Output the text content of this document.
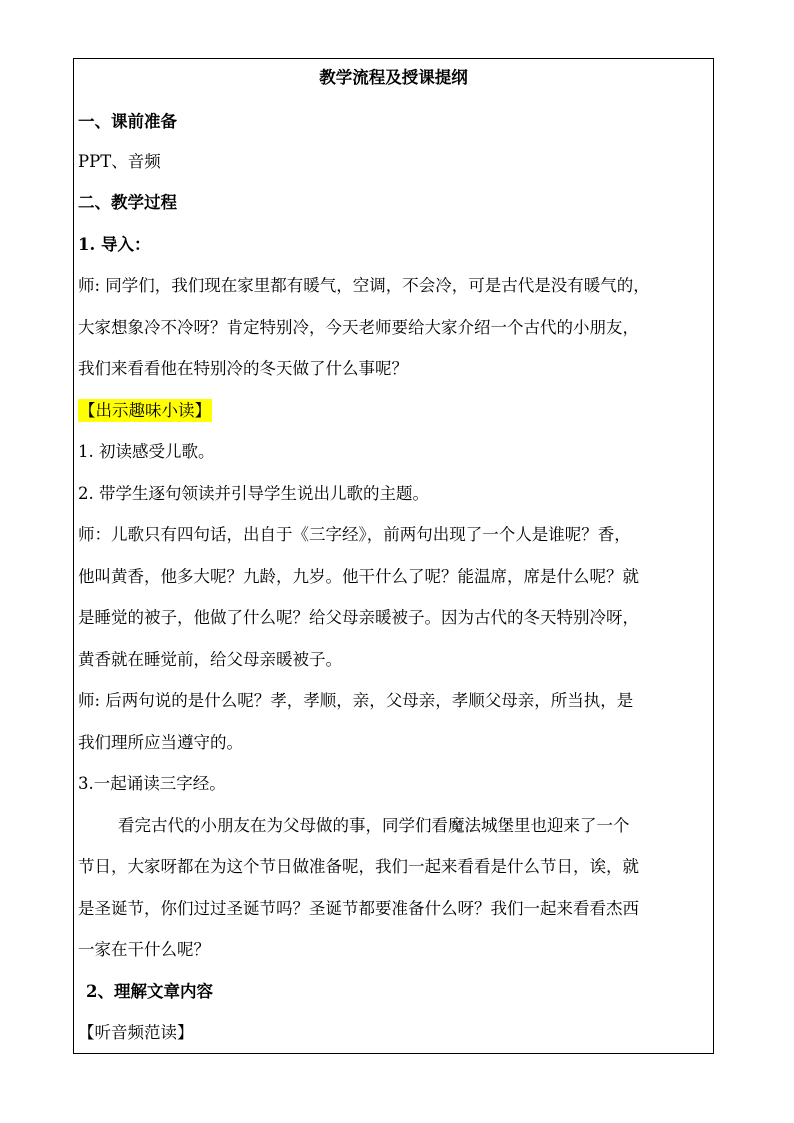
教学流程及授课提纲
一、课前准备
PPT、音频
二、教学过程
1. 导入：
师: 同学们，我们现在家里都有暖气，空调，不会冷，可是古代是没有暖气的，
大家想象冷不冷呀？肯定特别冷，今天老师要给大家介绍一个古代的小朋友，
我们来看看他在特别冷的冬天做了什么事呢？
【出示趣味小读】
1. 初读感受儿歌。
2. 带学生逐句领读并引导学生说出儿歌的主题。
师：儿歌只有四句话，出自于《三字经》，前两句出现了一个人是谁呢？香，
他叫黄香，他多大呢？九龄，九岁。他干什么了呢？能温席，席是什么呢？就
是睡觉的被子，他做了什么呢？给父母亲暖被子。因为古代的冬天特别冷呀，
黄香就在睡觉前，给父母亲暖被子。
师: 后两句说的是什么呢？孝，孝顺，亲，父母亲，孝顺父母亲，所当执，是
我们理所应当遵守的。
3.一起诵读三字经。
看完古代的小朋友在为父母做的事，同学们看魔法城堡里也迎来了一个
节日，大家呀都在为这个节日做准备呢，我们一起来看看是什么节日，诶，就
是圣诞节，你们过过圣诞节吗？圣诞节都要准备什么呀？我们一起来看看杰西
一家在干什么呢？
2、理解文章内容
【听音频范读】
